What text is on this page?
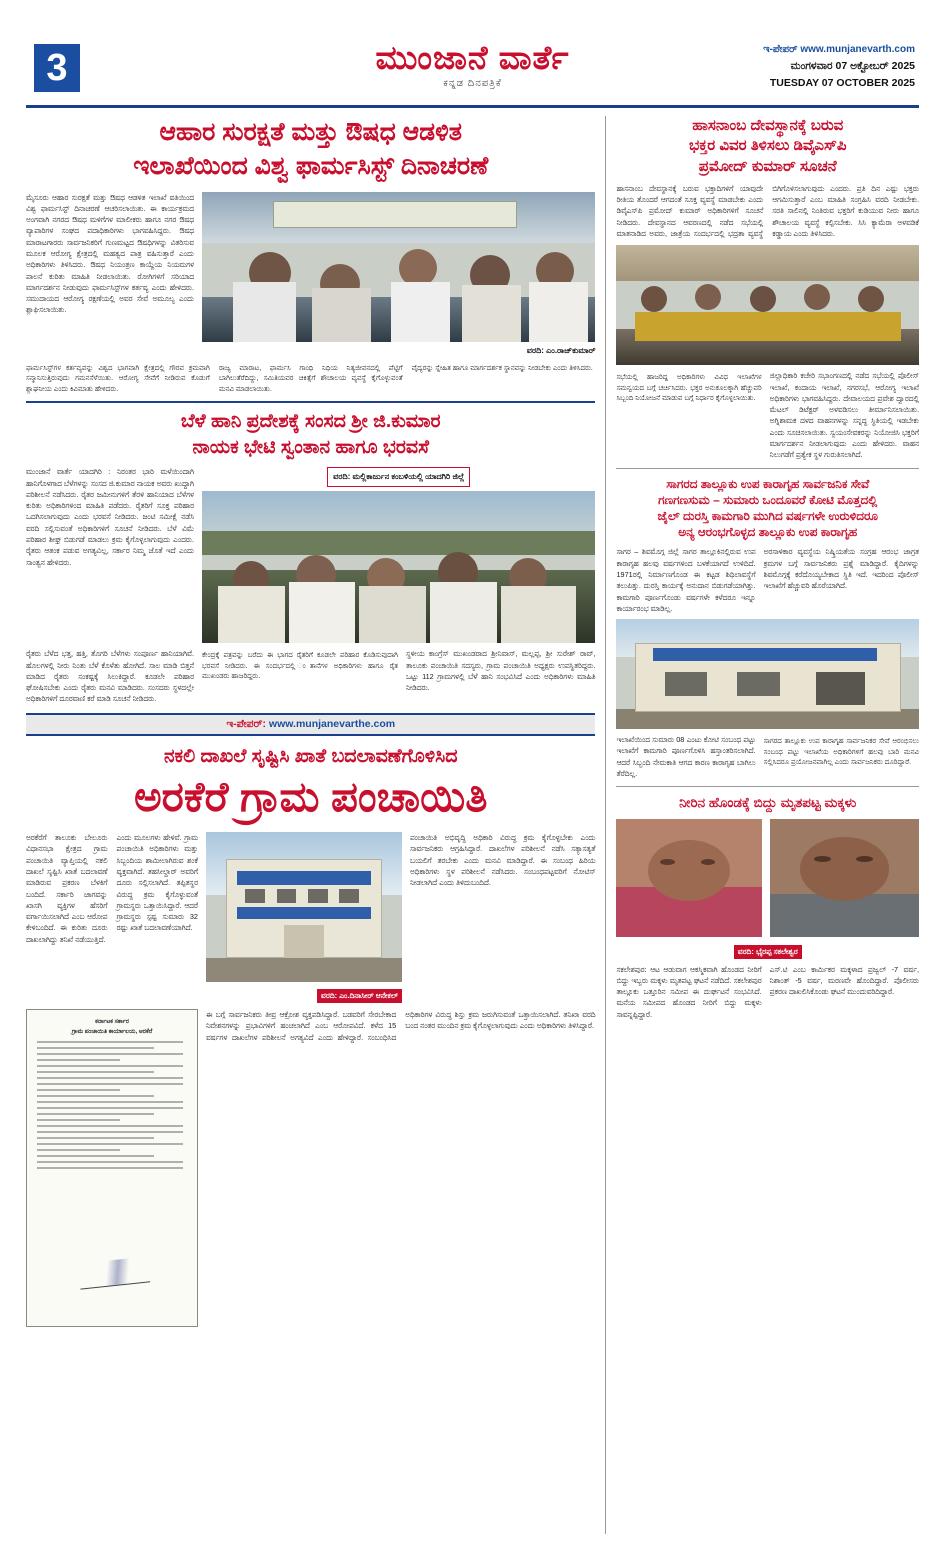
3	ಮುಂಜಾನೆ ವಾರ್ತೆ
ಕನ್ನಡ ದಿನಪತ್ರಿಕೆ
ಇ-ಪೇಪರ್ www.munjanevarth.com
ಮಂಗಳವಾರ 07 ಅಕ್ಟೋಬರ್ 2025
TUESDAY 07 OCTOBER 2025
ಆಹಾರ ಸುರಕ್ಷತೆ ಮತ್ತು ಔಷಧ ಆಡಳಿತ
ಇಲಾಖೆಯಿಂದ ವಿಶ್ವ ಫಾರ್ಮಸಿಸ್ಟ್ ದಿನಾಚರಣೆ
ಮೈಸೂರು ಆಹಾರ ಸುರಕ್ಷತೆ ಮತ್ತು ಔಷಧ ಆಡಳಿತ ಇಲಾಖೆ ವತಿಯಿಂದ ವಿಶ್ವ ಫಾರ್ಮಸಿಸ್ಟ್ ದಿನಾಚರಣೆ ಆಚರಿಸಲಾಯಿತು. ಈ ಕಾರ್ಯಕ್ರಮದ ಅಂಗವಾಗಿ ನಗರದ ಔಷಧ ಮಳಿಗೆಗಳ ಮಾಲೀಕರು ಹಾಗೂ ನಗರ ಔಷಧ ವ್ಯಾಪಾರಿಗಳ ಸಂಘದ ಪದಾಧಿಕಾರಿಗಳು ಭಾಗವಹಿಸಿದ್ದರು. ಔಷಧ ಮಾರಾಟಗಾರರು ಸಾರ್ವಜನಿಕರಿಗೆ ಗುಣಮಟ್ಟದ ಔಷಧಿಗಳನ್ನು ವಿತರಿಸುವ ಮೂಲಕ ಆರೋಗ್ಯ ಕ್ಷೇತ್ರದಲ್ಲಿ ಮಹತ್ವದ ಪಾತ್ರ ವಹಿಸುತ್ತಾರೆ ಎಂದು ಅಧಿಕಾರಿಗಳು ತಿಳಿಸಿದರು. ಔಷಧ ನಿಯಂತ್ರಣ ಕಾಯ್ದೆಯ ನಿಯಮಗಳ ಪಾಲನೆ ಕುರಿತು ಮಾಹಿತಿ ನೀಡಲಾಯಿತು. ರೋಗಿಗಳಿಗೆ ಸರಿಯಾದ ಮಾರ್ಗದರ್ಶನ ನೀಡುವುದು ಫಾರ್ಮಸಿಸ್ಟ್‌ಗಳ ಕರ್ತವ್ಯ ಎಂದು ಹೇಳಿದರು. ಸಮುದಾಯದ ಆರೋಗ್ಯ ರಕ್ಷಣೆಯಲ್ಲಿ ಅವರ ಸೇವೆ ಅಮೂಲ್ಯ ಎಂದು ಶ್ಲಾಘಿಸಲಾಯಿತು.
ವರದಿ: ಎಂ.ರಾಜ್‌ಕುಮಾರ್
ಫಾರ್ಮಸಿಸ್ಟ್‌ಗಳ ಕರ್ತವ್ಯವನ್ನು ವಿಶ್ವದ ಭಾಗವಾಗಿ ಕ್ಷೇತ್ರದಲ್ಲಿ ಗೌರವ ಕ್ರಮವಾಗಿ ಸನ್ಮಾನಿಸುತ್ತಿರುವುದು ಗಮನಸೆಳೆಯಿತು. ಆರೋಗ್ಯ ಸೇವೆಗೆ ನೀಡಿರುವ ಕೊಡುಗೆ ಶ್ಲಾಘನೀಯ ಎಂದು ಕಿವಿಮಾತು ಹೇಳಿದರು.
ರಾಜ್ಯ ಮಾರಾಟ, ಫಾರ್ಮಸಿ ಗಾಂಧಿ ನಿಧಿಯ ನಿತ್ಯಜೀವನದಲ್ಲಿ ಪೆಟ್ಟಿಗೆ ಬಾಗಿಲುತೆರೆದಿದ್ದು, ಸಮಿತಿಯವರ ಚಿಕಿತ್ಸೆಗೆ ಶೌಚಾಲಯ ವ್ಯವಸ್ಥೆ ಕೈಗೊಳ್ಳುವಂತೆ ಮನವಿ ಮಾಡಲಾಯಿತು.
ವೈದ್ಯರನ್ನು ಸ್ನೇಹಿತ ಹಾಗೂ ಮಾರ್ಗದರ್ಶಕ ಸ್ಥಾನವನ್ನು ನೀಡಬೇಕು ಎಂದು ತಿಳಿಸಿದರು.
ಬೆಳೆ ಹಾನಿ ಪ್ರದೇಶಕ್ಕೆ ಸಂಸದ ಶ್ರೀ ಜಿ.ಕುಮಾರ
ನಾಯಕ ಭೇಟಿ ಸ್ವಂತಾನ ಹಾಗೂ ಭರವಸೆ
ಮುಂಜಾನೆ ವಾರ್ತೆ ಯಾದಗಿರಿ : ನಿರಂತರ ಭಾರಿ ಮಳೆಯಿಂದಾಗಿ ಹಾನಿಗೊಳಗಾದ ಬೆಳೆಗಳನ್ನು ಸಂಸದ ಜಿ.ಕುಮಾರ ನಾಯಕ ಅವರು ಖುದ್ದಾಗಿ ಪರಿಶೀಲನೆ ನಡೆಸಿದರು. ರೈತರ ಜಮೀನುಗಳಿಗೆ ತೆರಳಿ ಹಾನಿಯಾದ ಬೆಳೆಗಳ ಕುರಿತು ಅಧಿಕಾರಿಗಳಿಂದ ಮಾಹಿತಿ ಪಡೆದರು. ರೈತರಿಗೆ ಸೂಕ್ತ ಪರಿಹಾರ ಒದಗಿಸಲಾಗುವುದು ಎಂದು ಭರವಸೆ ನೀಡಿದರು. ಜಂಟಿ ಸಮೀಕ್ಷೆ ನಡೆಸಿ ವರದಿ ಸಲ್ಲಿಸುವಂತೆ ಅಧಿಕಾರಿಗಳಿಗೆ ಸೂಚನೆ ನೀಡಿದರು. ಬೆಳೆ ವಿಮೆ ಪರಿಹಾರ ಶೀಘ್ರ ಬಿಡುಗಡೆ ಮಾಡಲು ಕ್ರಮ ಕೈಗೊಳ್ಳಲಾಗುವುದು ಎಂದರು. ರೈತರು ಆತಂಕ ಪಡುವ ಅಗತ್ಯವಿಲ್ಲ, ಸರ್ಕಾರ ನಿಮ್ಮ ಜೊತೆ ಇದೆ ಎಂದು ಸಾಂತ್ವನ ಹೇಳಿದರು.
ವರದಿ: ಮಲ್ಲಿಕಾರ್ಜುನ ಕಂಬಳಿಯಲ್ಲಿ ಯಾದಗಿರಿ ಜಿಲ್ಲೆ
ರೈತರು ಬೆಳೆದ ಭತ್ತ, ಹತ್ತಿ, ತೊಗರಿ ಬೆಳೆಗಳು ಸಂಪೂರ್ಣ ಹಾನಿಯಾಗಿವೆ. ಹೊಲಗಳಲ್ಲಿ ನೀರು ನಿಂತು ಬೆಳೆ ಕೊಳೆತು ಹೋಗಿದೆ. ಸಾಲ ಮಾಡಿ ಬಿತ್ತನೆ ಮಾಡಿದ ರೈತರು ಸಂಕಷ್ಟಕ್ಕೆ ಸಿಲುಕಿದ್ದಾರೆ. ಕೂಡಲೇ ಪರಿಹಾರ ಘೋಷಿಸಬೇಕು ಎಂದು ರೈತರು ಮನವಿ ಮಾಡಿದರು. ಸಂಸದರು ಸ್ಥಳದಲ್ಲೇ ಅಧಿಕಾರಿಗಳಿಗೆ ದೂರವಾಣಿ ಕರೆ ಮಾಡಿ ಸೂಚನೆ ನೀಡಿದರು.
ಕೇಂದ್ರಕ್ಕೆ ಪತ್ರವನ್ನು ಬರೆದು ಈ ಭಾಗದ ರೈತರಿಗೆ ಕೂಡಲೇ ಪರಿಹಾರ ಕೊಡಿಸುವುದಾಗಿ ಭರವಸೆ ನೀಡಿದರು. ಈ ಸಂದರ್ಭದಲ್ಲಿ ಂತಾನೆಗಳ ಅಧಿಕಾರಿಗಳು ಹಾಗೂ ರೈತ ಮುಖಂಡರು ಹಾಜರಿದ್ದರು.
ಸ್ಥಳೀಯ ಕಾಂಗ್ರೆಸ್ ಮುಖಂಡರಾದ ಶ್ರೀನಿವಾಸ್, ಮಲ್ಲಪ್ಪ, ಶ್ರೀ ಸುರೇಶ್ ರಾವ್, ತಾಲೂಕು ಪಂಚಾಯಿತಿ ಸದಸ್ಯರು, ಗ್ರಾಮ ಪಂಚಾಯಿತಿ ಅಧ್ಯಕ್ಷರು ಉಪಸ್ಥಿತರಿದ್ದರು. ಒಟ್ಟು 112 ಗ್ರಾಮಗಳಲ್ಲಿ ಬೆಳೆ ಹಾನಿ ಸಂಭವಿಸಿದೆ ಎಂದು ಅಧಿಕಾರಿಗಳು ಮಾಹಿತಿ ನೀಡಿದರು.
ಇ-ಪೇಪರ್: www.munjanevarthe.com
ನಕಲಿ ದಾಖಲೆ ಸೃಷ್ಟಿಸಿ ಖಾತೆ ಬದಲಾವಣೆಗೊಳಿಸಿದ
ಅರಕೆರೆ ಗ್ರಾಮ ಪಂಚಾಯಿತಿ
ಅರಕೆರೆಗೆ ತಾಲೂಕು ಬೇಲೂರು ವಿಧಾನಸಭಾ ಕ್ಷೇತ್ರದ ಗ್ರಾಮ ಪಂಚಾಯಿತಿ ವ್ಯಾಪ್ತಿಯಲ್ಲಿ ನಕಲಿ ದಾಖಲೆ ಸೃಷ್ಟಿಸಿ ಖಾತೆ ಬದಲಾವಣೆ ಮಾಡಿರುವ ಪ್ರಕರಣ ಬೆಳಕಿಗೆ ಬಂದಿದೆ. ಸರ್ಕಾರಿ ಜಾಗವನ್ನು ಖಾಸಗಿ ವ್ಯಕ್ತಿಗಳ ಹೆಸರಿಗೆ ವರ್ಗಾಯಿಸಲಾಗಿದೆ ಎಂಬ ಆರೋಪ ಕೇಳಿಬಂದಿದೆ. ಈ ಕುರಿತು ದೂರು ದಾಖಲಾಗಿದ್ದು ತನಿಖೆ ನಡೆಯುತ್ತಿದೆ.
ಎಂದು ಮೂಲಗಳು ಹೇಳಿವೆ. ಗ್ರಾಮ ಪಂಚಾಯಿತಿ ಅಧಿಕಾರಿಗಳು ಮತ್ತು ಸಿಬ್ಬಂದಿಯ ಶಾಮೀಲಾಗಿರುವ ಶಂಕೆ ವ್ಯಕ್ತವಾಗಿದೆ. ತಹಸೀಲ್ದಾರ್ ಅವರಿಗೆ ದೂರು ಸಲ್ಲಿಸಲಾಗಿದೆ. ತಪ್ಪಿತಸ್ಥರ ವಿರುದ್ಧ ಕ್ರಮ ಕೈಗೊಳ್ಳುವಂತೆ ಗ್ರಾಮಸ್ಥರು ಒತ್ತಾಯಿಸಿದ್ದಾರೆ. ಆದರೆ ಗ್ರಾಮಸ್ಥರು ಸ್ಪಷ್ಟ ಸುಮಾರು 32 ರಷ್ಟು ಖಾತೆ ಬದಲಾವಣೆಯಾಗಿದೆ.
ವರದಿ: ಎಂ.ದಿನಾಸೀರ್ ಆನೇಕಲ್
ಪಂಚಾಯಿತಿ ಅಭಿವೃದ್ಧಿ ಅಧಿಕಾರಿ ವಿರುದ್ಧ ಕ್ರಮ ಕೈಗೊಳ್ಳಬೇಕು ಎಂದು ಸಾರ್ವಜನಿಕರು ಆಗ್ರಹಿಸಿದ್ದಾರೆ. ದಾಖಲೆಗಳ ಪರಿಶೀಲನೆ ನಡೆಸಿ ಸತ್ಯಾಸತ್ಯತೆ ಬಯಲಿಗೆ ತರಬೇಕು ಎಂದು ಮನವಿ ಮಾಡಿದ್ದಾರೆ. ಈ ಸಂಬಂಧ ಹಿರಿಯ ಅಧಿಕಾರಿಗಳು ಸ್ಥಳ ಪರಿಶೀಲನೆ ನಡೆಸಿದರು. ಸಂಬಂಧಪಟ್ಟವರಿಗೆ ನೋಟಿಸ್ ನೀಡಲಾಗಿದೆ ಎಂದು ತಿಳಿದುಬಂದಿದೆ.
ಕರ್ನಾಟಕ ಸರ್ಕಾರ
ಗ್ರಾಮ ಪಂಚಾಯಿತಿ ಕಾರ್ಯಾಲಯ, ಅರಕೆರೆ
ಈ ಬಗ್ಗೆ ಸಾರ್ವಜನಿಕರು ತೀವ್ರ ಆಕ್ರೋಶ ವ್ಯಕ್ತಪಡಿಸಿದ್ದಾರೆ. ಬಡವರಿಗೆ ಸೇರಬೇಕಾದ ನಿವೇಶನಗಳನ್ನು ಪ್ರಭಾವಿಗಳಿಗೆ ಹಂಚಲಾಗಿದೆ ಎಂಬ ಆರೋಪವಿದೆ. ಕಳೆದ 15 ವರ್ಷಗಳ ದಾಖಲೆಗಳ ಪರಿಶೀಲನೆ ಅಗತ್ಯವಿದೆ ಎಂದು ಹೇಳಿದ್ದಾರೆ. ಸಂಬಂಧಿಸಿದ ಅಧಿಕಾರಿಗಳ ವಿರುದ್ಧ ಶಿಸ್ತು ಕ್ರಮ ಜರುಗಿಸುವಂತೆ ಒತ್ತಾಯಿಸಲಾಗಿದೆ. ತನಿಖಾ ವರದಿ ಬಂದ ನಂತರ ಮುಂದಿನ ಕ್ರಮ ಕೈಗೊಳ್ಳಲಾಗುವುದು ಎಂದು ಅಧಿಕಾರಿಗಳು ತಿಳಿಸಿದ್ದಾರೆ.
ಹಾಸನಾಂಬ ದೇವಸ್ಥಾನಕ್ಕೆ ಬರುವ
ಭಕ್ತರ ವಿವರ ತಿಳಿಸಲು ಡಿವೈಎಸ್‌ಪಿ
ಪ್ರಮೋದ್ ಕುಮಾರ್ ಸೂಚನೆ
ಹಾಸನಾಂಬ ದೇವಸ್ಥಾನಕ್ಕೆ ಬರುವ ಭಕ್ತಾದಿಗಳಿಗೆ ಯಾವುದೇ ರೀತಿಯ ತೊಂದರೆ ಆಗದಂತೆ ಸೂಕ್ತ ವ್ಯವಸ್ಥೆ ಮಾಡಬೇಕು ಎಂದು ಡಿವೈಎಸ್‌ಪಿ ಪ್ರಮೋದ್ ಕುಮಾರ್ ಅಧಿಕಾರಿಗಳಿಗೆ ಸೂಚನೆ ನೀಡಿದರು. ದೇವಸ್ಥಾನದ ಆವರಣದಲ್ಲಿ ನಡೆದ ಸಭೆಯಲ್ಲಿ ಮಾತನಾಡಿದ ಅವರು, ಜಾತ್ರೆಯ ಸಂದರ್ಭದಲ್ಲಿ ಭದ್ರತಾ ವ್ಯವಸ್ಥೆ ಬಿಗಿಗೊಳಿಸಲಾಗುವುದು ಎಂದರು. ಪ್ರತಿ ದಿನ ಎಷ್ಟು ಭಕ್ತರು ಆಗಮಿಸುತ್ತಾರೆ ಎಂಬ ಮಾಹಿತಿ ಸಂಗ್ರಹಿಸಿ ವರದಿ ನೀಡಬೇಕು. ಸರತಿ ಸಾಲಿನಲ್ಲಿ ನಿಂತಿರುವ ಭಕ್ತರಿಗೆ ಕುಡಿಯುವ ನೀರು ಹಾಗೂ ಶೌಚಾಲಯ ವ್ಯವಸ್ಥೆ ಕಲ್ಪಿಸಬೇಕು. ಸಿಸಿ ಕ್ಯಾಮೆರಾ ಅಳವಡಿಕೆ ಕಡ್ಡಾಯ ಎಂದು ತಿಳಿಸಿದರು.
ಸಭೆಯಲ್ಲಿ ಹಾಜರಿದ್ದ ಅಧಿಕಾರಿಗಳು ವಿವಿಧ ಇಲಾಖೆಗಳ ಸಮನ್ವಯದ ಬಗ್ಗೆ ಚರ್ಚಿಸಿದರು. ಭಕ್ತರ ಅನುಕೂಲಕ್ಕಾಗಿ ಹೆಚ್ಚುವರಿ ಸಿಬ್ಬಂದಿ ನಿಯೋಜನೆ ಮಾಡುವ ಬಗ್ಗೆ ನಿರ್ಧಾರ ಕೈಗೊಳ್ಳಲಾಯಿತು.
ಜಿಲ್ಲಾಧಿಕಾರಿ ಕಚೇರಿ ಸಭಾಂಗಣದಲ್ಲಿ ನಡೆದ ಸಭೆಯಲ್ಲಿ ಪೊಲೀಸ್ ಇಲಾಖೆ, ಕಂದಾಯ ಇಲಾಖೆ, ನಗರಸಭೆ, ಆರೋಗ್ಯ ಇಲಾಖೆ ಅಧಿಕಾರಿಗಳು ಭಾಗವಹಿಸಿದ್ದರು. ದೇವಾಲಯದ ಪ್ರವೇಶ ದ್ವಾರದಲ್ಲಿ ಮೆಟಲ್ ಡಿಟೆಕ್ಟರ್ ಅಳವಡಿಸಲು ತೀರ್ಮಾನಿಸಲಾಯಿತು. ಅಗ್ನಿಶಾಮಕ ದಳದ ವಾಹನಗಳನ್ನು ಸನ್ನದ್ಧ ಸ್ಥಿತಿಯಲ್ಲಿ ಇಡಬೇಕು ಎಂದು ಸೂಚಿಸಲಾಯಿತು. ಸ್ವಯಂಸೇವಕರನ್ನು ನಿಯೋಜಿಸಿ ಭಕ್ತರಿಗೆ ಮಾರ್ಗದರ್ಶನ ನೀಡಲಾಗುವುದು ಎಂದು ಹೇಳಿದರು. ವಾಹನ ನಿಲುಗಡೆಗೆ ಪ್ರತ್ಯೇಕ ಸ್ಥಳ ಗುರುತಿಸಲಾಗಿದೆ.
ಸಾಗರದ ತಾಲ್ಲೂಕು ಉಪ ಕಾರಾಗೃಹ ಸಾರ್ವಜನಿಕ ಸೇವೆ
ಗಣಗಣಸುಮ – ಸುಮಾರು ಒಂದೂವರೆ ಕೋಟಿ ಮೊತ್ತದಲ್ಲಿ
ಜೈಲ್ ದುರಸ್ತಿ ಕಾಮಗಾರಿ ಮುಗಿದ ವರ್ಷಗಳೇ ಉರುಳಿದರೂ
ಅನ್ಯ ಆರಂಭಗೊಳ್ಳದ ತಾಲ್ಲೂಕು ಉಪ ಕಾರಾಗೃಹ
ಸಾಗರ – ಶಿವಮೊಗ್ಗ ಜಿಲ್ಲೆ ಸಾಗರ ತಾಲ್ಲೂಕಿನಲ್ಲಿರುವ ಉಪ ಕಾರಾಗೃಹ ಹಲವು ವರ್ಷಗಳಿಂದ ಬಳಕೆಯಾಗದೆ ಉಳಿದಿದೆ. 1971ರಲ್ಲಿ ನಿರ್ಮಾಣಗೊಂಡ ಈ ಕಟ್ಟಡ ಶಿಥಿಲಾವಸ್ಥೆಗೆ ತಲುಪಿತ್ತು. ದುರಸ್ತಿ ಕಾರ್ಯಕ್ಕೆ ಅನುದಾನ ಬಿಡುಗಡೆಯಾಗಿತ್ತು. ಕಾಮಗಾರಿ ಪೂರ್ಣಗೊಂಡು ವರ್ಷಗಳೇ ಕಳೆದರೂ ಇನ್ನೂ ಕಾರ್ಯಾರಂಭ ಮಾಡಿಲ್ಲ.
ಅರಸಾಳಿಕಾರ ವ್ಯವಸ್ಥೆಯ ನಿಷ್ಕ್ರಿಯತೆಯ ಸಂಗ್ರಹ ಆರಂಭ ಜಾಗ್ರತ ಕ್ರಮಗಳ ಬಗ್ಗೆ ಸಾರ್ವಜನಿಕರು ಪ್ರಶ್ನೆ ಮಾಡಿದ್ದಾರೆ. ಕೈದಿಗಳನ್ನು ಶಿವಮೊಗ್ಗಕ್ಕೆ ಕರೆದೊಯ್ಯಬೇಕಾದ ಸ್ಥಿತಿ ಇದೆ. ಇದರಿಂದ ಪೊಲೀಸ್ ಇಲಾಖೆಗೆ ಹೆಚ್ಚುವರಿ ಹೊರೆಯಾಗಿದೆ.
ಇಲಾಖೆಯಿಂದ ಸುಮಾರು 08 ಎಂಟು ಕೋಟಿ ಸಂಬಂಧ ಪಟ್ಟು ಇಲಾಖೆಗೆ ಕಾಮಗಾರಿ ಪೂರ್ಣಗೊಳಿಸಿ ಹಸ್ತಾಂತರಿಸಲಾಗಿದೆ. ಆದರೆ ಸಿಬ್ಬಂದಿ ನೇಮಕಾತಿ ಆಗದ ಕಾರಣ ಕಾರಾಗೃಹ ಬಾಗಿಲು ತೆರೆದಿಲ್ಲ.
ಸಾಗರದ ತಾಲ್ಲೂಕು ಉಪ ಕಾರಾಗೃಹ ಸಾರ್ವಜನಿಕರ ಸೇವೆ ಆರಂಭಿಸಲು ಸಂಬಂಧ ಪಟ್ಟು ಇಲಾಖೆಯ ಅಧಿಕಾರಿಗಳಿಗೆ ಹಲವು ಬಾರಿ ಮನವಿ ಸಲ್ಲಿಸಿದರೂ ಪ್ರಯೋಜನವಾಗಿಲ್ಲ ಎಂದು ಸಾರ್ವಜನಿಕರು ದೂರಿದ್ದಾರೆ.
ನೀರಿನ ಹೊಂಡಕ್ಕೆ ಬಿದ್ದು ಮೃತಪಟ್ಟ ಮಕ್ಕಳು
ವರದಿ: ಭೈರಪ್ಪ ಸಕಲೇಶ್ವರ
ಸಕಲೇಶಪುರ: ಆಟ ಆಡುವಾಗ ಆಕಸ್ಮಿಕವಾಗಿ ಹೊಂಡದ ನೀರಿಗೆ ಬಿದ್ದು ಇಬ್ಬರು ಮಕ್ಕಳು ಮೃತಪಟ್ಟ ಘಟನೆ ನಡೆದಿದೆ. ಸಕಲೇಶಪುರ ತಾಲ್ಲೂಕು ಒತ್ತೂರಿನ ಸಮೀಪ ಈ ದುರ್ಘಟನೆ ಸಂಭವಿಸಿದೆ. ಮನೆಯ ಸಮೀಪದ ಹೊಂಡದ ನೀರಿಗೆ ಬಿದ್ದು ಮಕ್ಕಳು ಸಾವನ್ನಪ್ಪಿದ್ದಾರೆ.
ಎಸ್.ಟಿ ಎಂಬ ಕಾರ್ಮಿಕರ ಮಕ್ಕಳಾದ ಪ್ರಜ್ವಲ್ -7 ವರ್ಷ, ನಿಶಾಂತ್ -5 ವರ್ಷ, ಮರಣವೇ ಹೊಂದಿದ್ದಾರೆ. ಪೊಲೀಸರು ಪ್ರಕರಣ ದಾಖಲಿಸಿಕೊಂಡು ಘಟನೆ ಮುಂದುವರಿದಿದ್ದಾರೆ.
